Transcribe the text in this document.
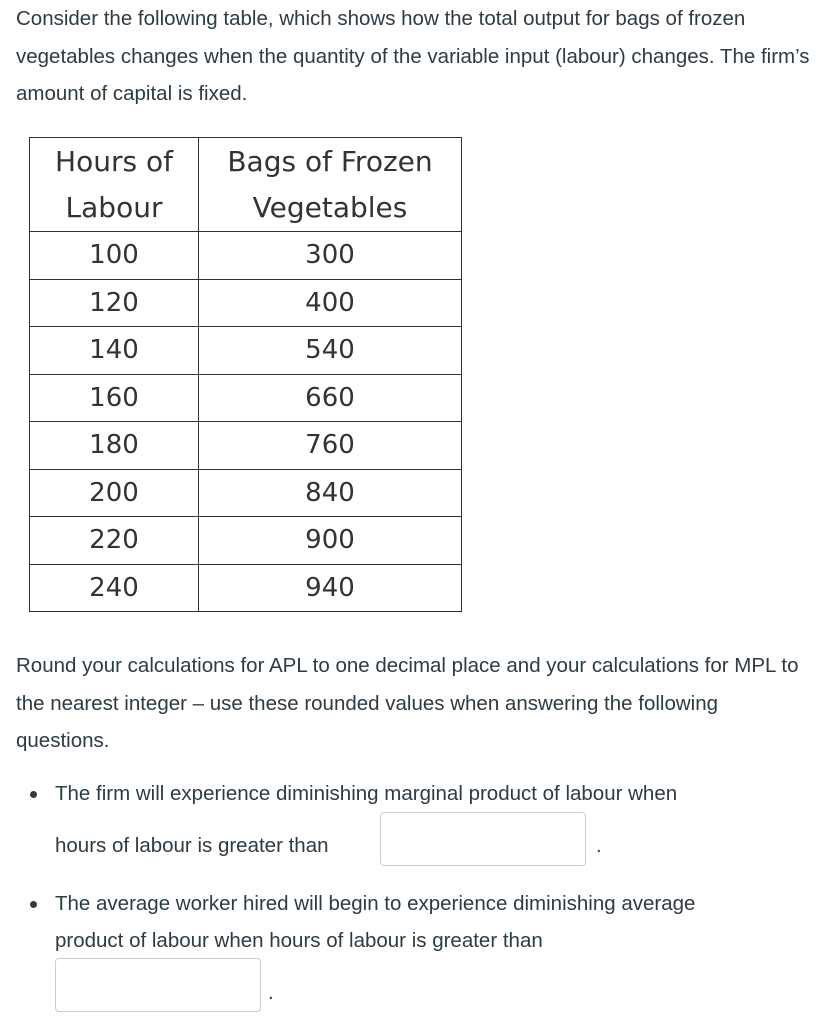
Consider the following table, which shows how the total output for bags of frozen vegetables changes when the quantity of the variable input (labour) changes. The firm’s amount of capital is fixed.

Hours of Labour	Bags of Frozen Vegetables
100	300
120	400
140	540
160	660
180	760
200	840
220	900
240	940

Round your calculations for APL to one decimal place and your calculations for MPL to the nearest integer – use these rounded values when answering the following questions.

The firm will experience diminishing marginal product of labour when
hours of labour is greater than	.
The average worker hired will begin to experience diminishing average
product of labour when hours of labour is greater than
.
